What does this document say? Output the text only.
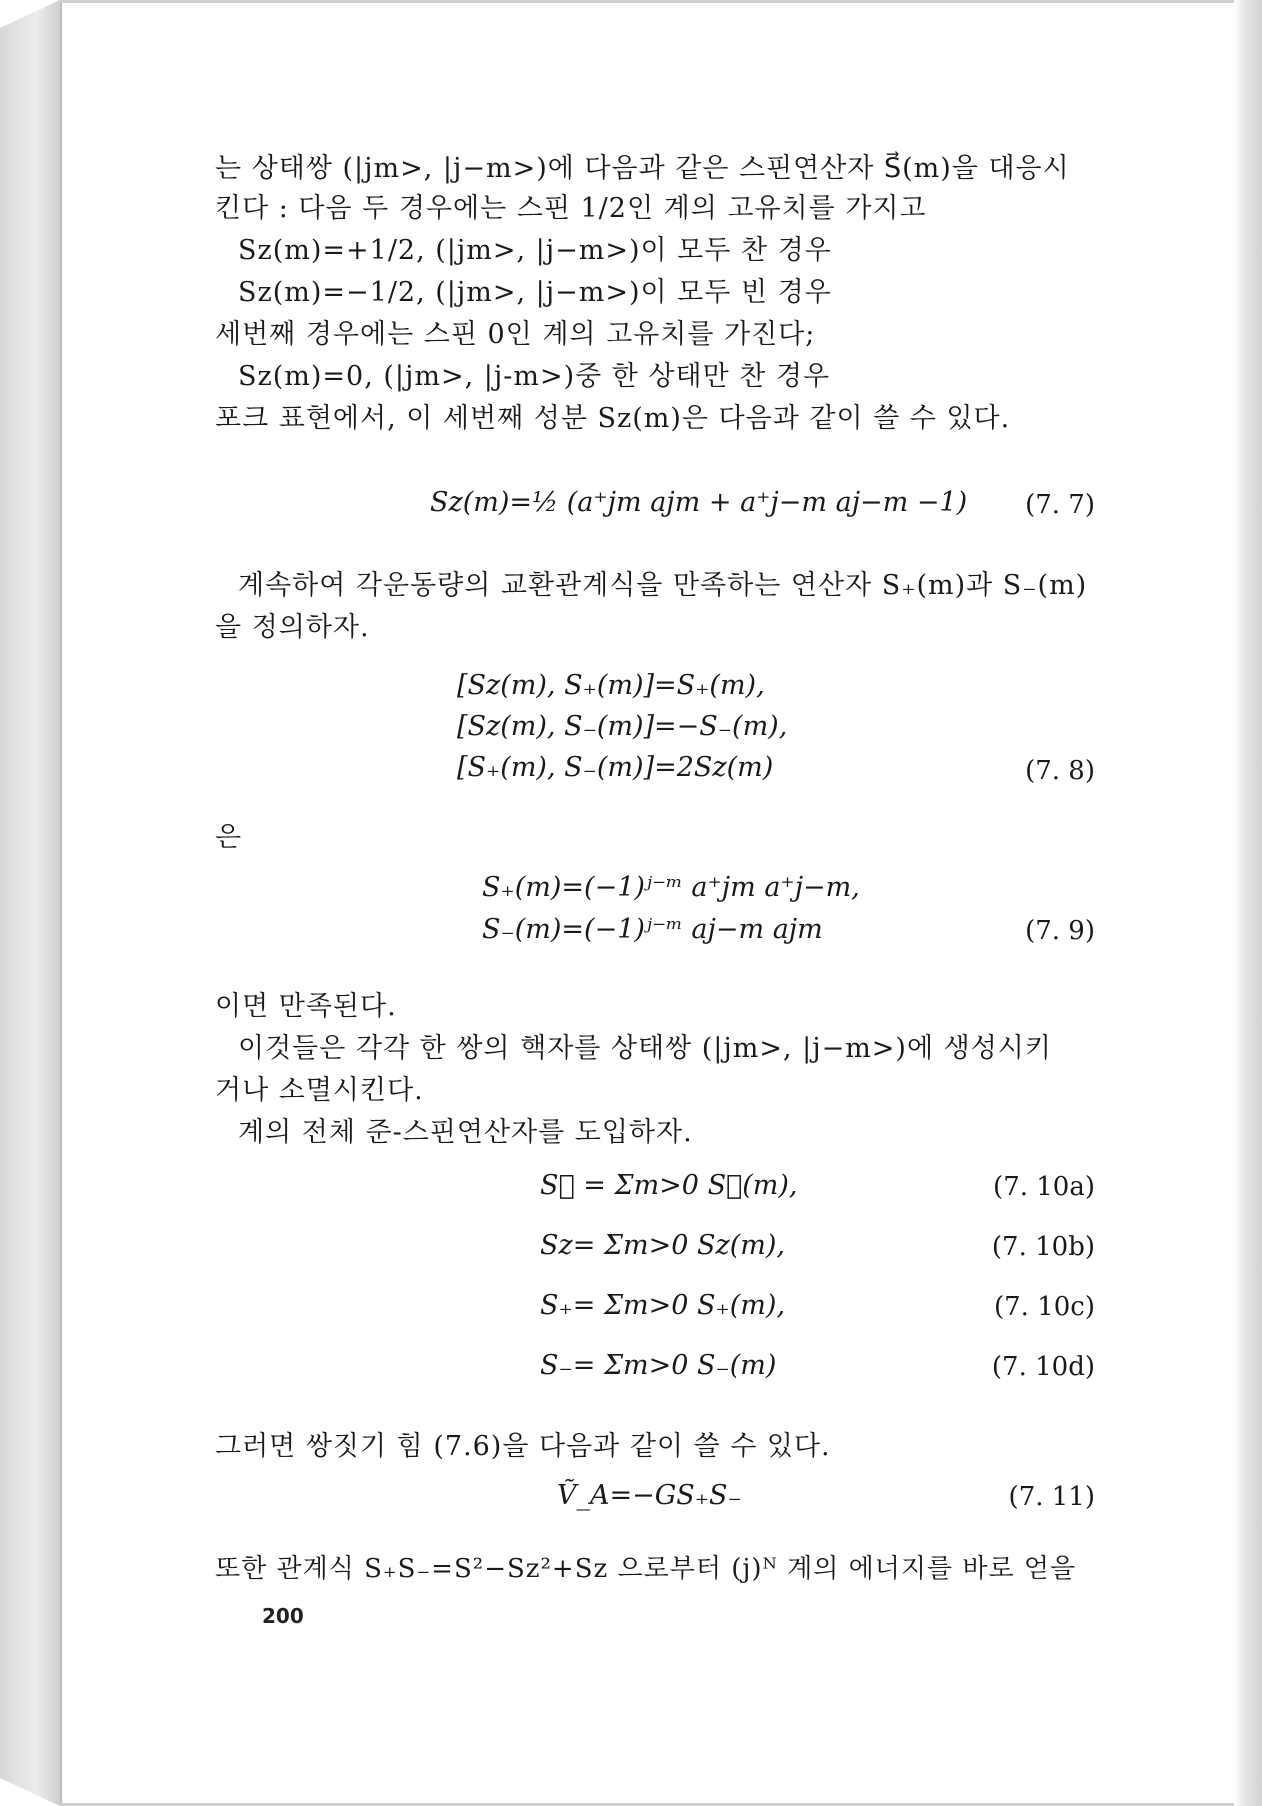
는 상태쌍 (|jm>, |j−m>)에 다음과 같은 스핀연산자 S⃗(m)을 대응시
킨다 : 다음 두 경우에는 스핀 1/2인 계의 고유치를 가지고
Sz(m)=+1/2, (|jm>, |j−m>)이 모두 찬 경우
Sz(m)=−1/2, (|jm>, |j−m>)이 모두 빈 경우
세번째 경우에는 스핀 0인 계의 고유치를 가진다;
Sz(m)=0, (|jm>, |j-m>)중 한 상태만 찬 경우
포크 표현에서, 이 세번째 성분 Sz(m)은 다음과 같이 쓸 수 있다.
Sz(m)=½ (a⁺jm ajm + a⁺j−m aj−m −1)	(7. 7)
계속하여 각운동량의 교환관계식을 만족하는 연산자 S₊(m)과 S₋(m)
을 정의하자.
[Sz(m), S₊(m)]=S₊(m),
[Sz(m), S₋(m)]=−S₋(m),
[S₊(m), S₋(m)]=2Sz(m)	(7. 8)
은
S₊(m)=(−1)ʲ⁻ᵐ a⁺jm a⁺j−m,
S₋(m)=(−1)ʲ⁻ᵐ aj−m ajm	(7. 9)
이면 만족된다.
이것들은 각각 한 쌍의 핵자를 상태쌍 (|jm>, |j−m>)에 생성시키
거나 소멸시킨다.
계의 전체 준-스핀연산자를 도입하자.
S⃗ = Σm>0 S⃗(m),	(7. 10a)
Sz= Σm>0 Sz(m),	(7. 10b)
S₊= Σm>0 S₊(m),	(7. 10c)
S₋= Σm>0 S₋(m)	(7. 10d)
그러면 쌍짓기 힘 (7.6)을 다음과 같이 쓸 수 있다.
Ṽ_A=−GS₊S₋	(7. 11)
또한 관계식 S₊S₋=S²−Sz²+Sz 으로부터 (j)ᴺ 계의 에너지를 바로 얻을
200
